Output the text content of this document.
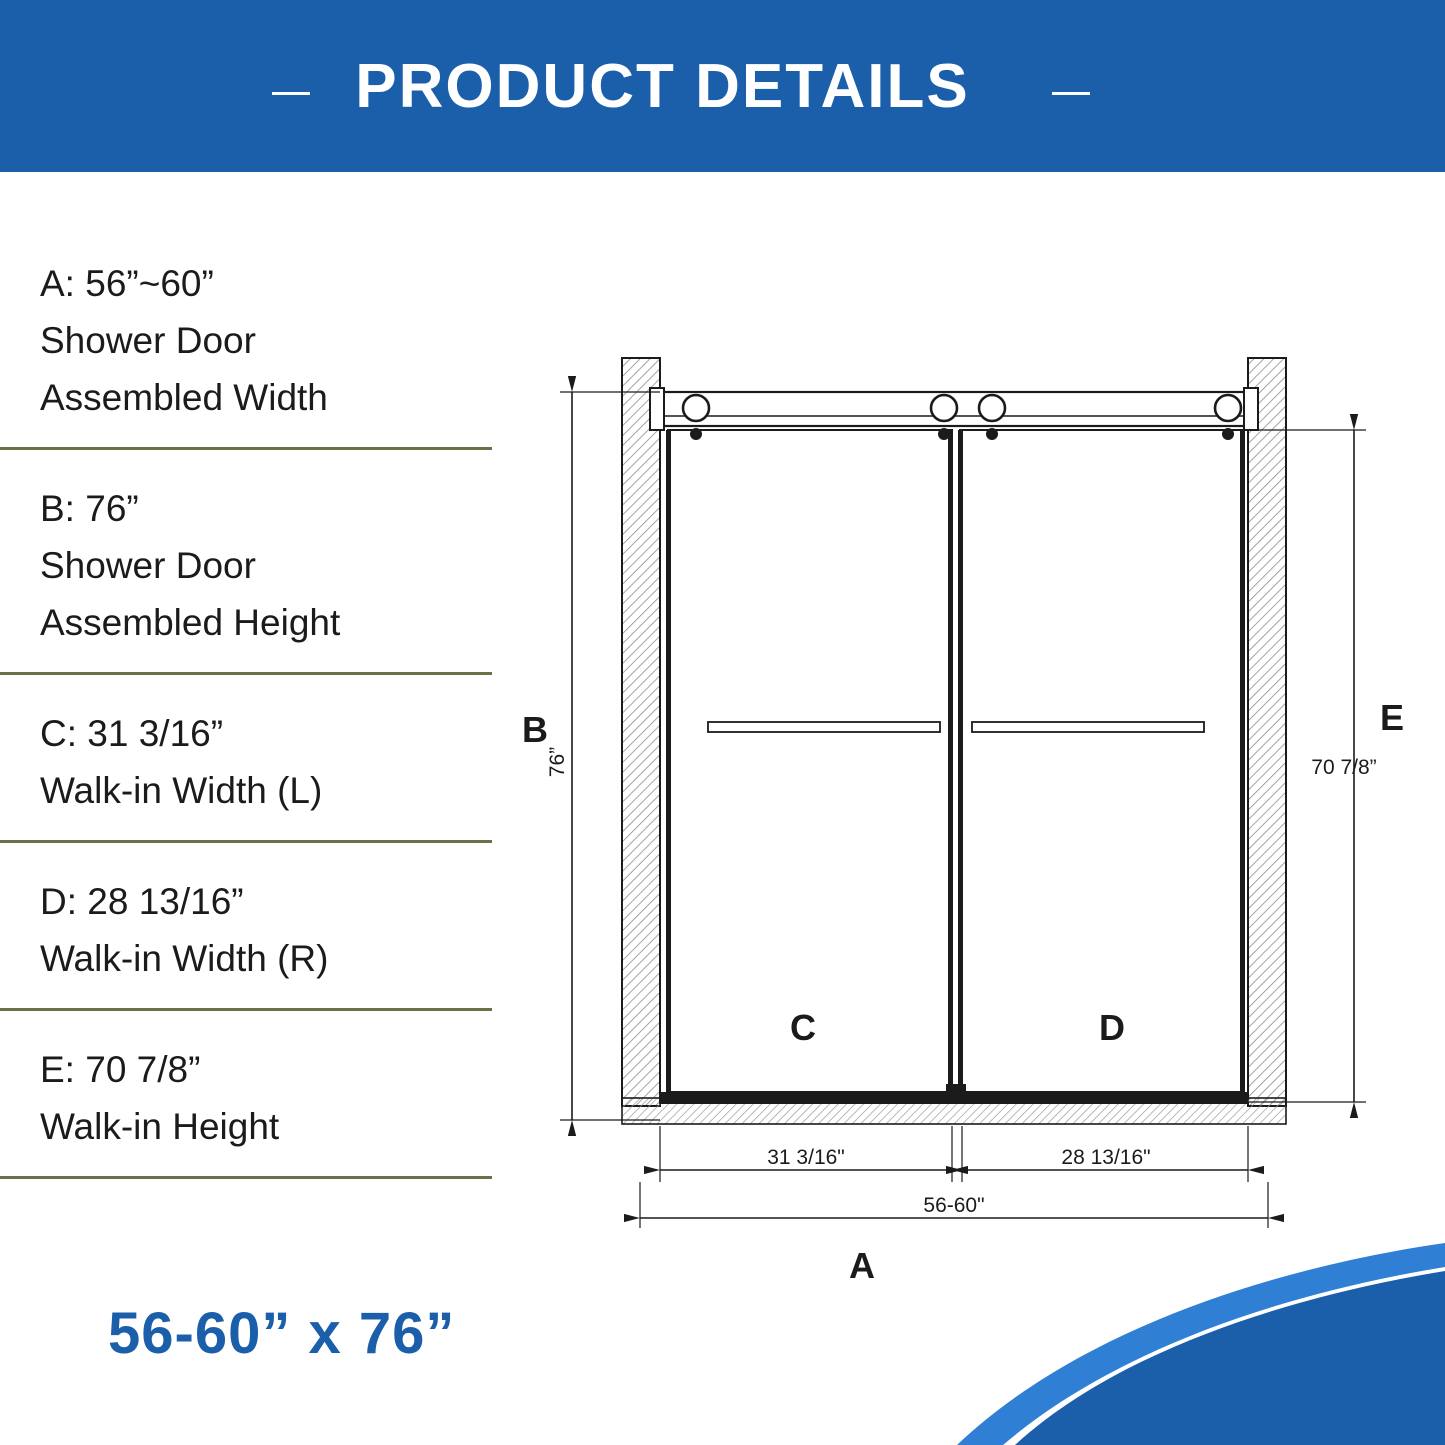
PRODUCT DETAILS
A: 56”~60”
Shower Door
Assembled Width
B: 76”
Shower Door
Assembled Height
C: 31 3/16”
Walk-in Width (L)
D: 28 13/16”
Walk-in Width (R)
E: 70 7/8”
Walk-in Height
56-60” x 76”
76”
B
70 7/8”
E
C	D
31 3/16"	28 13/16"
56-60"
A
